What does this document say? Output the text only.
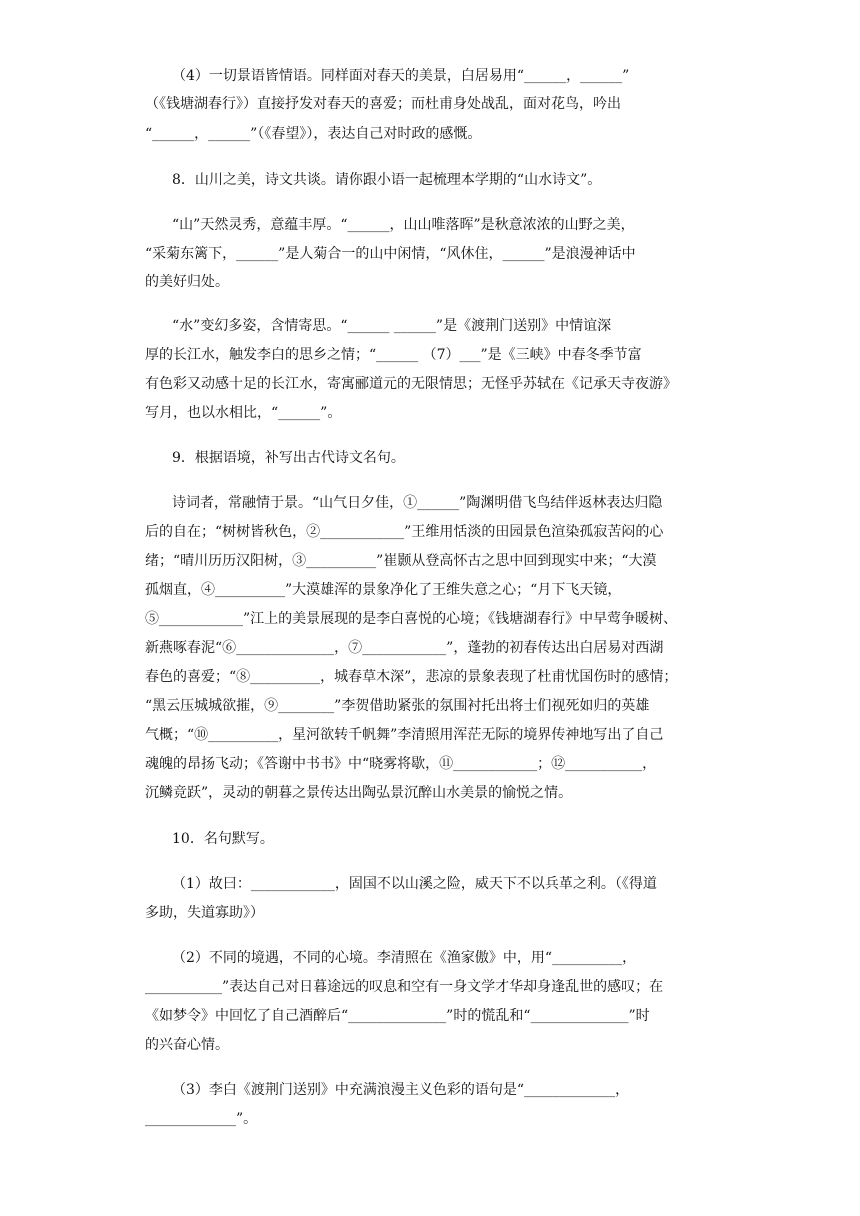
（4）一切景语皆情语。同样面对春天的美景，白居易用“______，______”
（《钱塘湖春行》）直接抒发对春天的喜爱；而杜甫身处战乱，面对花鸟，吟出
“______，______”（《春望》），表达自己对时政的感慨。
8．山川之美，诗文共谈。请你跟小语一起梳理本学期的“山水诗文”。
“山”天然灵秀，意蕴丰厚。“______，山山唯落晖”是秋意浓浓的山野之美，
“采菊东篱下，______”是人菊合一的山中闲情，“风休住，______”是浪漫神话中
的美好归处。
“水”变幻多姿，含情寄思。“______ ______”是《渡荆门送别》中情谊深
厚的长江水，触发李白的思乡之情；“______ （7）___”是《三峡》中春冬季节富
有色彩又动感十足的长江水，寄寓郦道元的无限情思；无怪乎苏轼在《记承天寺夜游》
写月，也以水相比，“______”。
9．根据语境，补写出古代诗文名句。
诗词者，常融情于景。“山气日夕佳，①______”陶渊明借飞鸟结伴返林表达归隐
后的自在；“树树皆秋色，②____________”王维用恬淡的田园景色渲染孤寂苦闷的心
绪；“晴川历历汉阳树，③__________”崔颢从登高怀古之思中回到现实中来；“大漠
孤烟直，④__________”大漠雄浑的景象净化了王维失意之心；“月下飞天镜，
⑤____________”江上的美景展现的是李白喜悦的心境；《钱塘湖春行》中早莺争暖树、
新燕啄春泥“⑥______________，⑦____________”，蓬勃的初春传达出白居易对西湖
春色的喜爱；“⑧__________，城春草木深”，悲凉的景象表现了杜甫忧国伤时的感情；
“黑云压城城欲摧，⑨________”李贺借助紧张的氛围衬托出将士们视死如归的英雄
气概；“⑩__________，星河欲转千帆舞”李清照用浑茫无际的境界传神地写出了自己
魂魄的昂扬飞动；《答谢中书书》中“晓雾将歇，⑪____________；⑫___________，
沉鳞竞跃”，灵动的朝暮之景传达出陶弘景沉醉山水美景的愉悦之情。
10．名句默写。
（1）故曰：____________，固国不以山溪之险，威天下不以兵革之利。（《得道
多助，失道寡助》）
（2）不同的境遇，不同的心境。李清照在《渔家傲》中，用“__________，
___________”表达自己对日暮途远的叹息和空有一身文学才华却身逢乱世的感叹；在
《如梦令》中回忆了自己酒醉后“______________”时的慌乱和“______________”时
的兴奋心情。
（3）李白《渡荆门送别》中充满浪漫主义色彩的语句是“_____________，
_____________”。
